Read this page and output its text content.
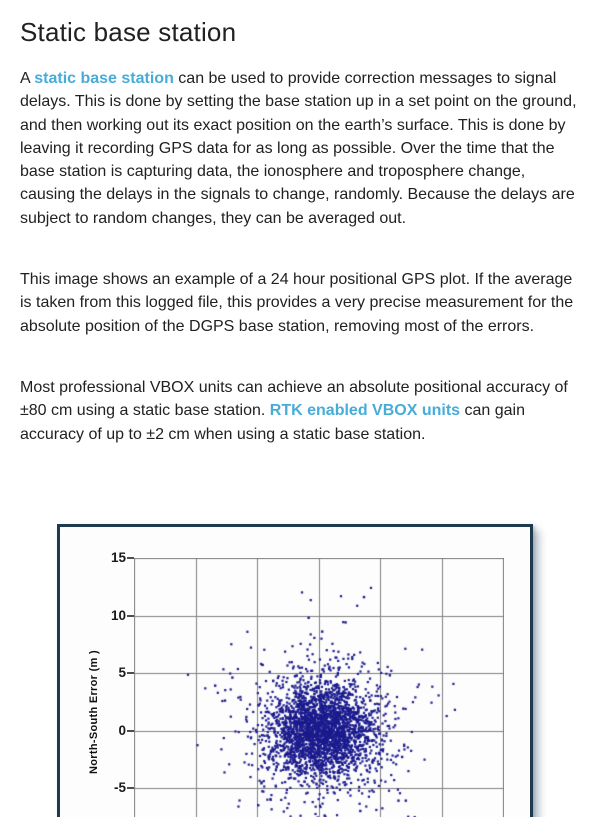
Static base station

A static base station can be used to provide correction messages to signal delays. This is done by setting the base station up in a set point on the ground, and then working out its exact position on the earth’s surface. This is done by leaving it recording GPS data for as long as possible. Over the time that the base station is capturing data, the ionosphere and troposphere change, causing the delays in the signals to change, randomly. Because the delays are subject to random changes, they can be averaged out.

This image shows an example of a 24 hour positional GPS plot. If the average is taken from this logged file, this provides a very precise measurement for the absolute position of the DGPS base station, removing most of the errors.

Most professional VBOX units can achieve an absolute positional accuracy of ±80 cm using a static base station. RTK enabled VBOX units can gain accuracy of up to ±2 cm when using a static base station.

North-South Error (m )
15
10
5
0
-5
